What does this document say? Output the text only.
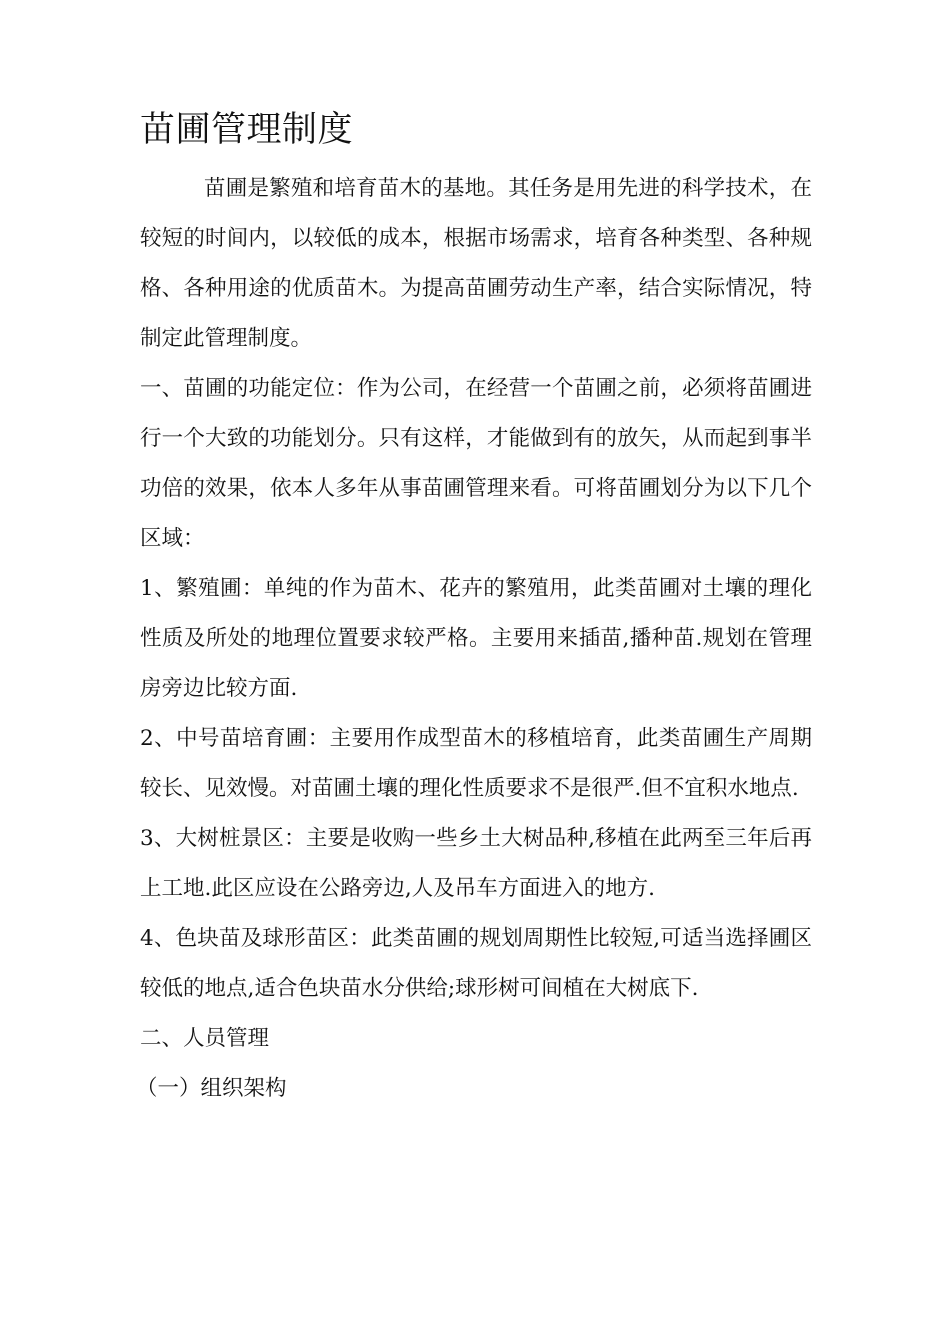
苗圃管理制度

苗圃是繁殖和培育苗木的基地。其任务是用先进的科学技术，在较短的时间内，以较低的成本，根据市场需求，培育各种类型、各种规格、各种用途的优质苗木。为提高苗圃劳动生产率，结合实际情况，特制定此管理制度。

一、苗圃的功能定位：作为公司，在经营一个苗圃之前，必须将苗圃进行一个大致的功能划分。只有这样，才能做到有的放矢，从而起到事半功倍的效果，依本人多年从事苗圃管理来看。可将苗圃划分为以下几个区域：

1、繁殖圃：单纯的作为苗木、花卉的繁殖用，此类苗圃对土壤的理化性质及所处的地理位置要求较严格。主要用来插苗,播种苗.规划在管理房旁边比较方面.

2、中号苗培育圃：主要用作成型苗木的移植培育，此类苗圃生产周期较长、见效慢。对苗圃土壤的理化性质要求不是很严.但不宜积水地点.

3、大树桩景区：主要是收购一些乡土大树品种,移植在此两至三年后再上工地.此区应设在公路旁边,人及吊车方面进入的地方.

4、色块苗及球形苗区：此类苗圃的规划周期性比较短,可适当选择圃区较低的地点,适合色块苗水分供给;球形树可间植在大树底下.

二、人员管理

（一）组织架构
